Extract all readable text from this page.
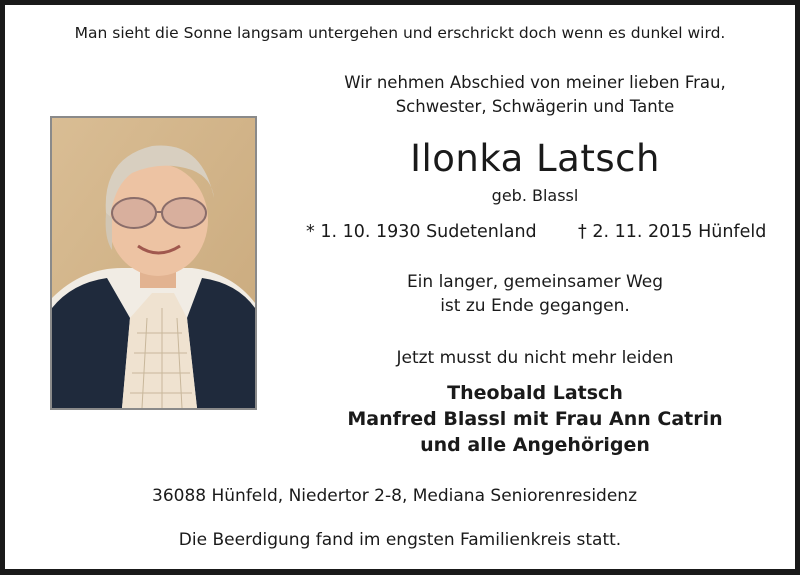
Man sieht die Sonne langsam untergehen und erschrickt doch wenn es dunkel wird.
Wir nehmen Abschied von meiner lieben Frau,
Schwester, Schwägerin und Tante
Ilonka Latsch
geb. Blassl
* 1. 10. 1930 Sudetenland † 2. 11. 2015 Hünfeld
Ein langer, gemeinsamer Weg
ist zu Ende gegangen.
Jetzt musst du nicht mehr leiden
Theobald Latsch
Manfred Blassl mit Frau Ann Catrin
und alle Angehörigen
36088 Hünfeld, Niedertor 2-8, Mediana Seniorenresidenz
Die Beerdigung fand im engsten Familienkreis statt.
